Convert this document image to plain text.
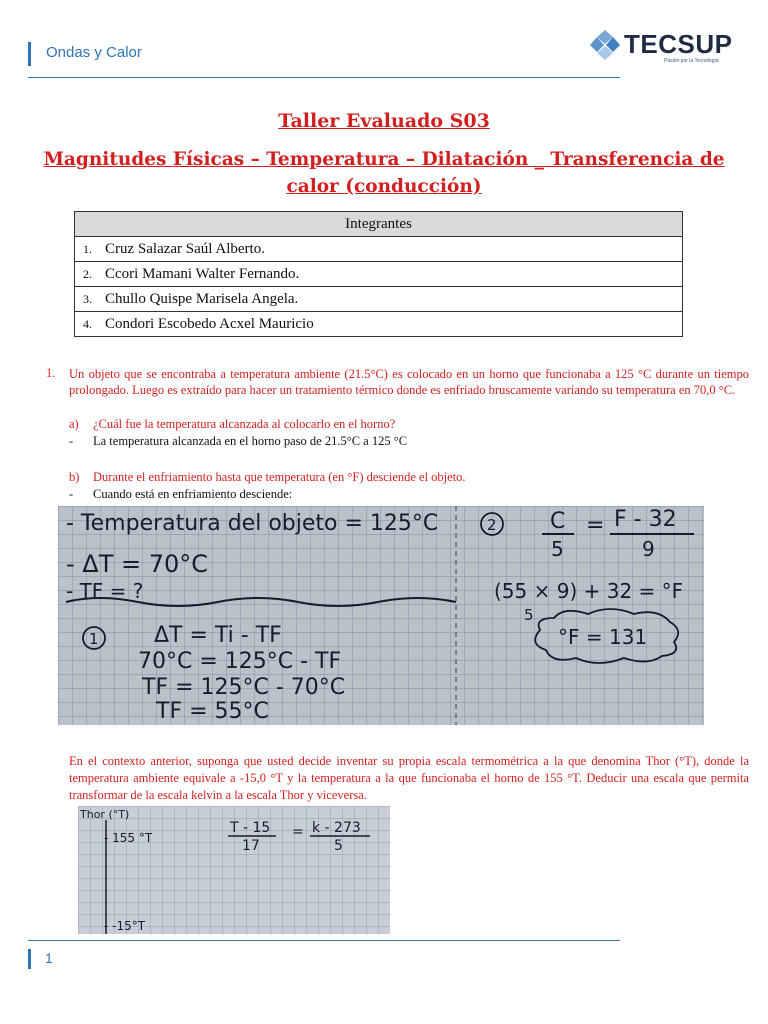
Ondas y Calor	TECSUP
Pasión por la Tecnología
Taller Evaluado S03
Magnitudes Físicas – Temperatura – Dilatación _ Transferencia de calor (conducción)
Integrantes
1. Cruz Salazar Saúl Alberto.
2. Ccori Mamani Walter Fernando.
3. Chullo Quispe Marisela Angela.
4. Condori Escobedo Acxel Mauricio
1. Un objeto que se encontraba a temperatura ambiente (21.5°C) es colocado en un horno que funcionaba a 125 °C durante un tiempo prolongado. Luego es extraído para hacer un tratamiento térmico donde es enfriado bruscamente variando su temperatura en 70,0 °C.
a) ¿Cuál fue la temperatura alcanzada al colocarlo en el horno?
- La temperatura alcanzada en el horno paso de 21.5°C a 125 °C
b) Durante el enfriamiento hasta que temperatura (en °F) desciende el objeto.
- Cuando está en enfriamiento desciende:
- Temperatura del objeto = 125°C
- ΔT = 70°C
- TF = ?
1	ΔT = Ti - TF
70°C = 125°C - TF
TF = 125°C - 70°C
TF = 55°C
2 C
5
= F - 32
9
(55 × 9) + 32 = °F
5
°F = 131
En el contexto anterior, suponga que usted decide inventar su propia escala termométrica a la que denomina Thor (°T), donde la temperatura ambiente equivale a -15,0 °T y la temperatura a la que funcionaba el horno de 155 °T. Deducir una escala que permita transformar de la escala kelvin a la escala Thor y viceversa.
Thor (°T)
- 155 °T
- -15°T
T - 15
17
= k - 273
5
1
